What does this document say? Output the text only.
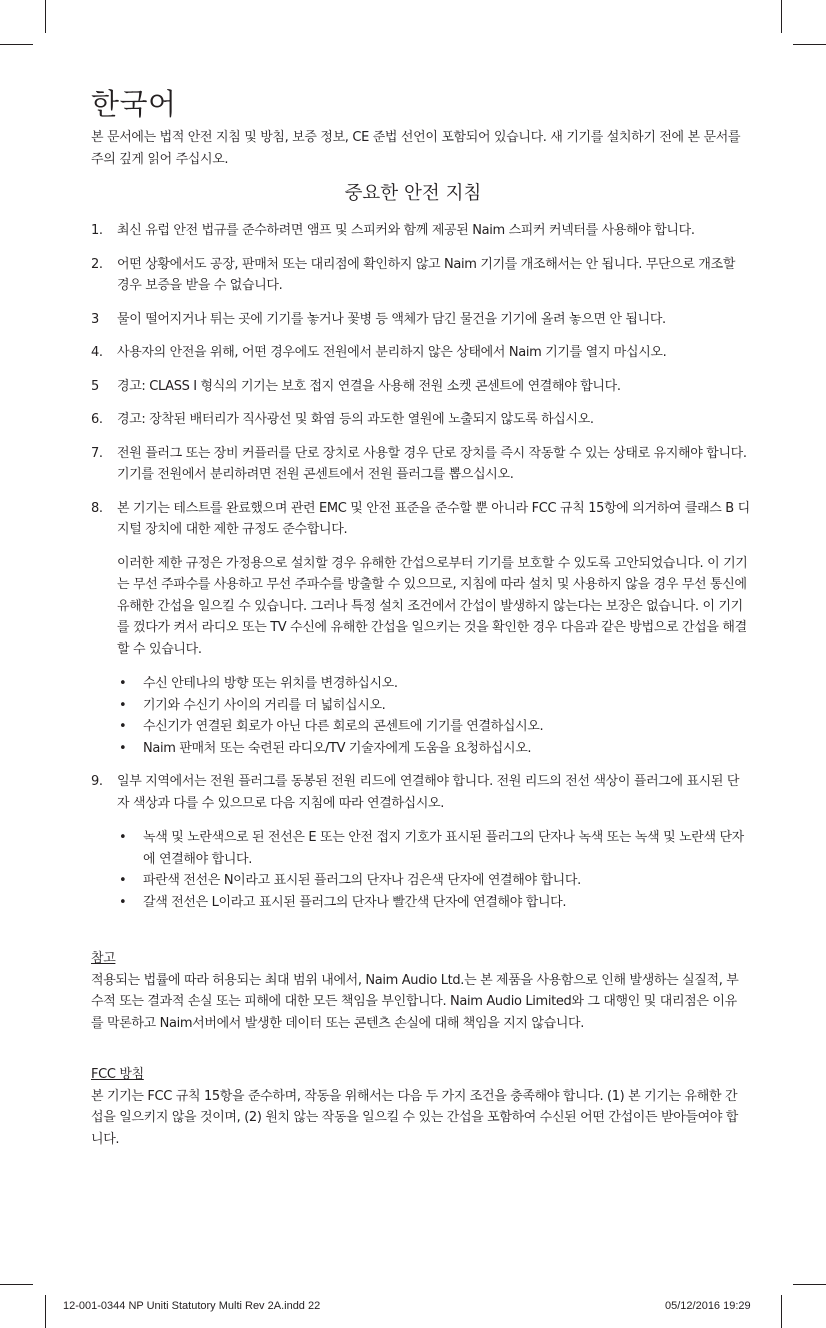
한국어

본 문서에는 법적 안전 지침 및 방침, 보증 정보, CE 준법 선언이 포함되어 있습니다. 새 기기를 설치하기 전에 본 문서를 주의 깊게 읽어 주십시오.

중요한 안전 지침
1. 최신 유럽 안전 법규를 준수하려면 앰프 및 스피커와 함께 제공된 Naim 스피커 커넥터를 사용해야 합니다.
2. 어떤 상황에서도 공장, 판매처 또는 대리점에 확인하지 않고 Naim 기기를 개조해서는 안 됩니다. 무단으로 개조할 경우 보증을 받을 수 없습니다.
3 물이 떨어지거나 튀는 곳에 기기를 놓거나 꽃병 등 액체가 담긴 물건을 기기에 올려 놓으면 안 됩니다.
4. 사용자의 안전을 위해, 어떤 경우에도 전원에서 분리하지 않은 상태에서 Naim 기기를 열지 마십시오.
5 경고: CLASS I 형식의 기기는 보호 접지 연결을 사용해 전원 소켓 콘센트에 연결해야 합니다.
6. 경고: 장착된 배터리가 직사광선 및 화염 등의 과도한 열원에 노출되지 않도록 하십시오.
7. 전원 플러그 또는 장비 커플러를 단로 장치로 사용할 경우 단로 장치를 즉시 작동할 수 있는 상태로 유지해야 합니다. 기기를 전원에서 분리하려면 전원 콘센트에서 전원 플러그를 뽑으십시오.
8. 본 기기는 테스트를 완료했으며 관련 EMC 및 안전 표준을 준수할 뿐 아니라 FCC 규칙 15항에 의거하여 클래스 B 디지털 장치에 대한 제한 규정도 준수합니다.

이러한 제한 규정은 가정용으로 설치할 경우 유해한 간섭으로부터 기기를 보호할 수 있도록 고안되었습니다. 이 기기는 무선 주파수를 사용하고 무선 주파수를 방출할 수 있으므로, 지침에 따라 설치 및 사용하지 않을 경우 무선 통신에 유해한 간섭을 일으킬 수 있습니다. 그러나 특정 설치 조건에서 간섭이 발생하지 않는다는 보장은 없습니다. 이 기기를 껐다가 켜서 라디오 또는 TV 수신에 유해한 간섭을 일으키는 것을 확인한 경우 다음과 같은 방법으로 간섭을 해결할 수 있습니다.

• 수신 안테나의 방향 또는 위치를 변경하십시오.
• 기기와 수신기 사이의 거리를 더 넓히십시오.
• 수신기가 연결된 회로가 아닌 다른 회로의 콘센트에 기기를 연결하십시오.
• Naim 판매처 또는 숙련된 라디오/TV 기술자에게 도움을 요청하십시오.
9. 일부 지역에서는 전원 플러그를 동봉된 전원 리드에 연결해야 합니다. 전원 리드의 전선 색상이 플러그에 표시된 단자 색상과 다를 수 있으므로 다음 지침에 따라 연결하십시오.
• 녹색 및 노란색으로 된 전선은 E 또는 안전 접지 기호가 표시된 플러그의 단자나 녹색 또는 녹색 및 노란색 단자에 연결해야 합니다.
• 파란색 전선은 N이라고 표시된 플러그의 단자나 검은색 단자에 연결해야 합니다.
• 갈색 전선은 L이라고 표시된 플러그의 단자나 빨간색 단자에 연결해야 합니다.
참고
적용되는 법률에 따라 허용되는 최대 범위 내에서, Naim Audio Ltd.는 본 제품을 사용함으로 인해 발생하는 실질적, 부수적 또는 결과적 손실 또는 피해에 대한 모든 책임을 부인합니다. Naim Audio Limited와 그 대행인 및 대리점은 이유를 막론하고 Naim서버에서 발생한 데이터 또는 콘텐츠 손실에 대해 책임을 지지 않습니다.
FCC 방침
본 기기는 FCC 규칙 15항을 준수하며, 작동을 위해서는 다음 두 가지 조건을 충족해야 합니다. (1) 본 기기는 유해한 간섭을 일으키지 않을 것이며, (2) 원치 않는 작동을 일으킬 수 있는 간섭을 포함하여 수신된 어떤 간섭이든 받아들여야 합니다.
12-001-0344 NP Uniti Statutory Multi Rev 2A.indd 22	05/12/2016 19:29
